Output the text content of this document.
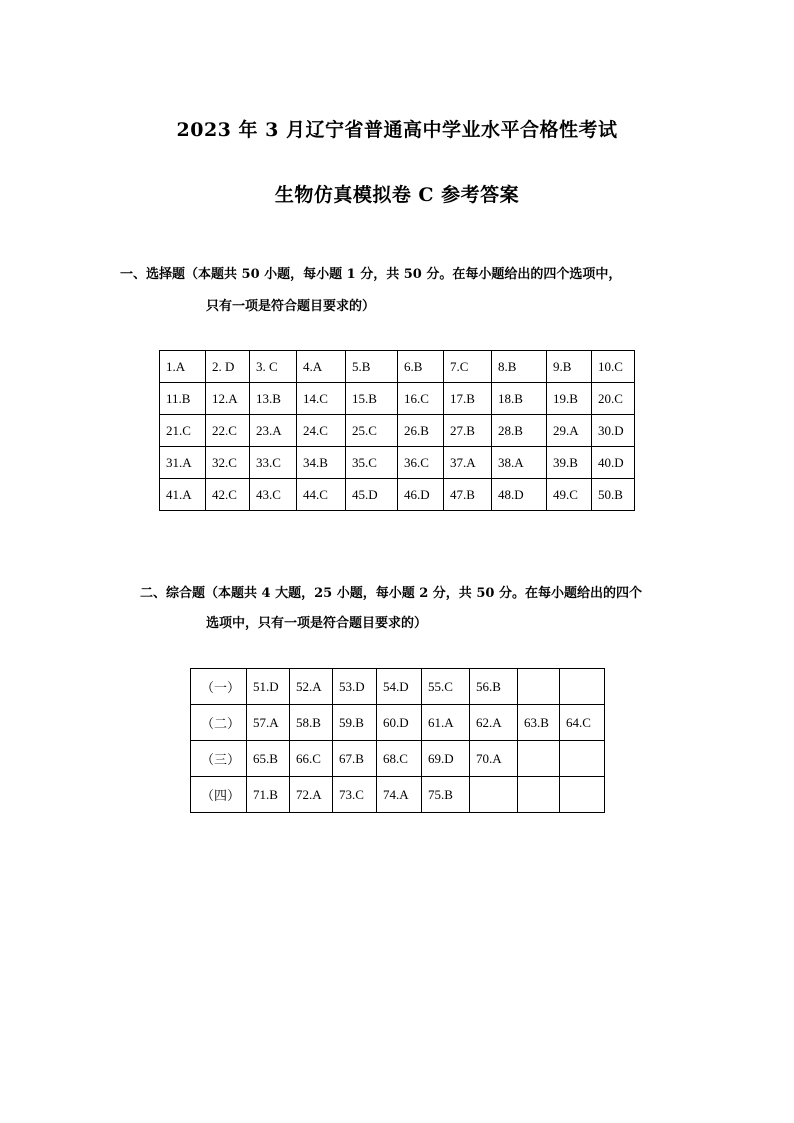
2023 年 3 月辽宁省普通高中学业水平合格性考试
生物仿真模拟卷 C 参考答案
一、选择题（本题共 50 小题，每小题 1 分，共 50 分。在每小题给出的四个选项中，
只有一项是符合题目要求的）
1.A	2. D	3. C	4.A	5.B	6.B	7.C	8.B	9.B	10.C
11.B	12.A	13.B	14.C	15.B	16.C	17.B	18.B	19.B	20.C
21.C	22.C	23.A	24.C	25.C	26.B	27.B	28.B	29.A	30.D
31.A	32.C	33.C	34.B	35.C	36.C	37.A	38.A	39.B	40.D
41.A	42.C	43.C	44.C	45.D	46.D	47.B	48.D	49.C	50.B
二、综合题（本题共 4 大题，25 小题，每小题 2 分，共 50 分。在每小题给出的四个
选项中，只有一项是符合题目要求的）
（一）	51.D	52.A	53.D	54.D	55.C	56.B		
（二）	57.A	58.B	59.B	60.D	61.A	62.A	63.B	64.C
（三）	65.B	66.C	67.B	68.C	69.D	70.A		
（四）	71.B	72.A	73.C	74.A	75.B			
